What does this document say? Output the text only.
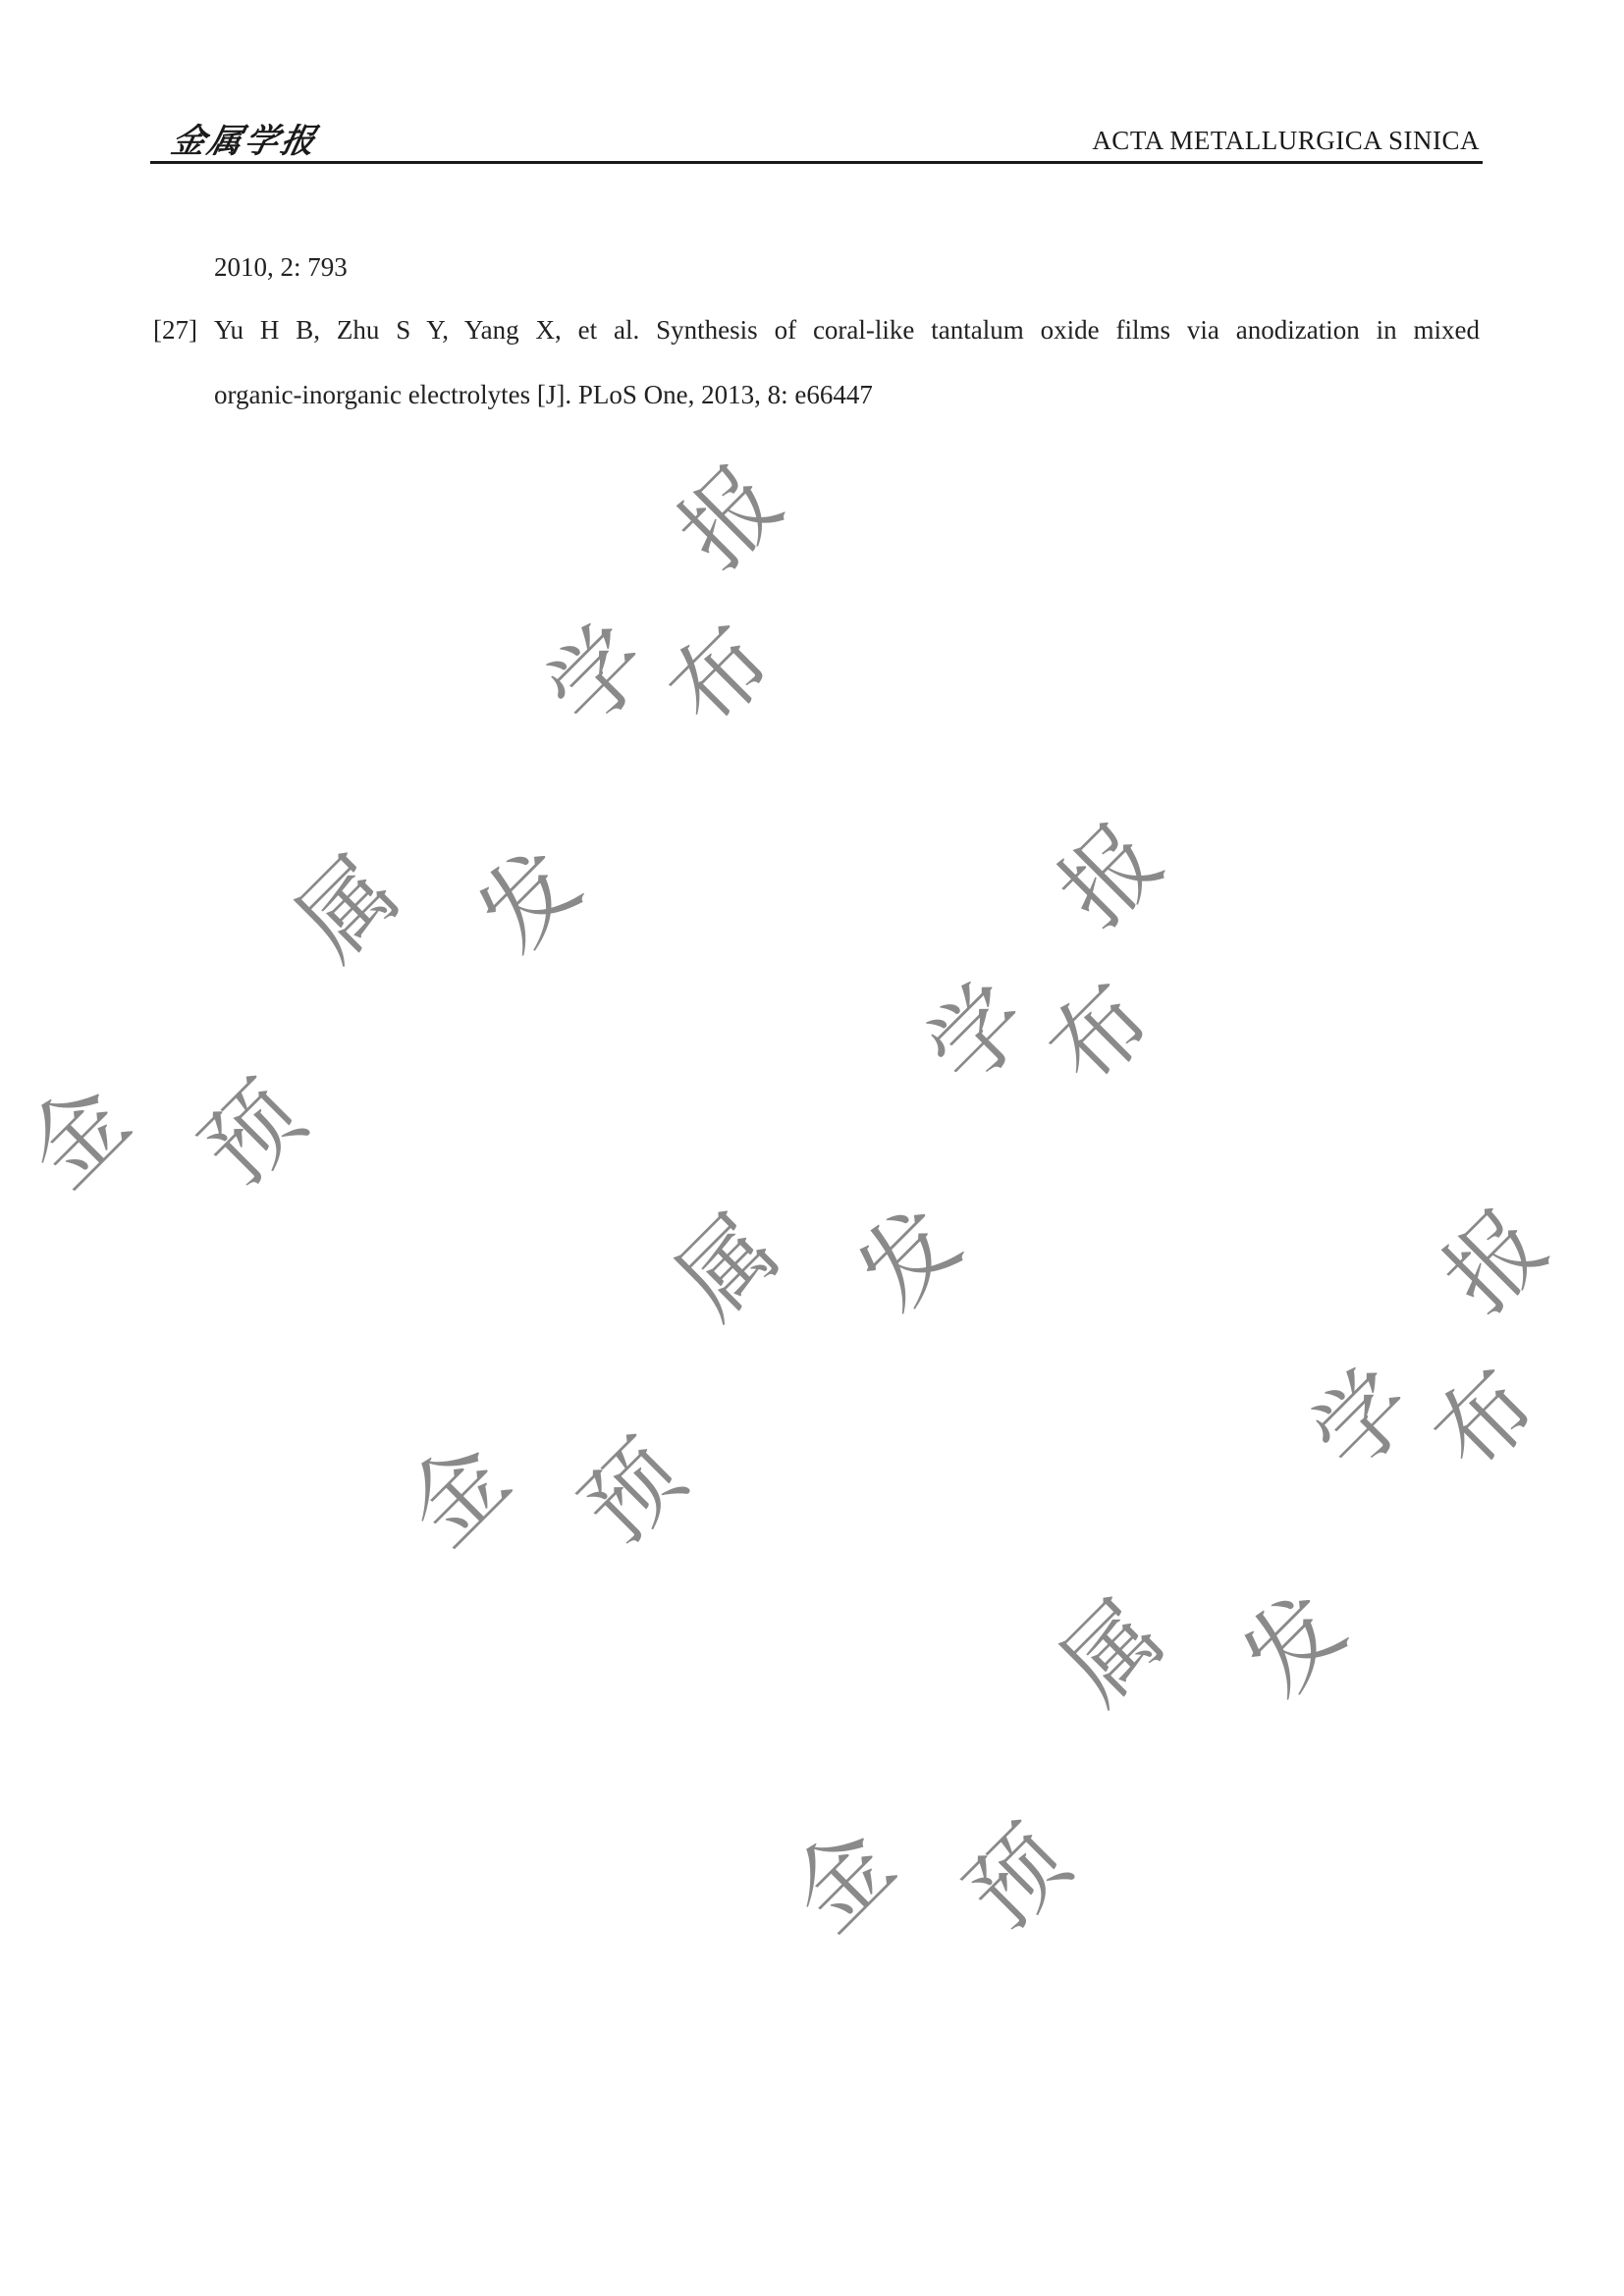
金属学报	ACTA METALLURGICA SINICA
2010, 2: 793
[27] Yu H B, Zhu S Y, Yang X, et al. Synthesis of coral-like tantalum oxide films via anodization in mixed
organic-inorganic electrolytes [J]. PLoS One, 2013, 8: e66447
报
学
布
属 发
金 预
报
学
布
属 发
金 预
报
学
布
属 发
金 预
